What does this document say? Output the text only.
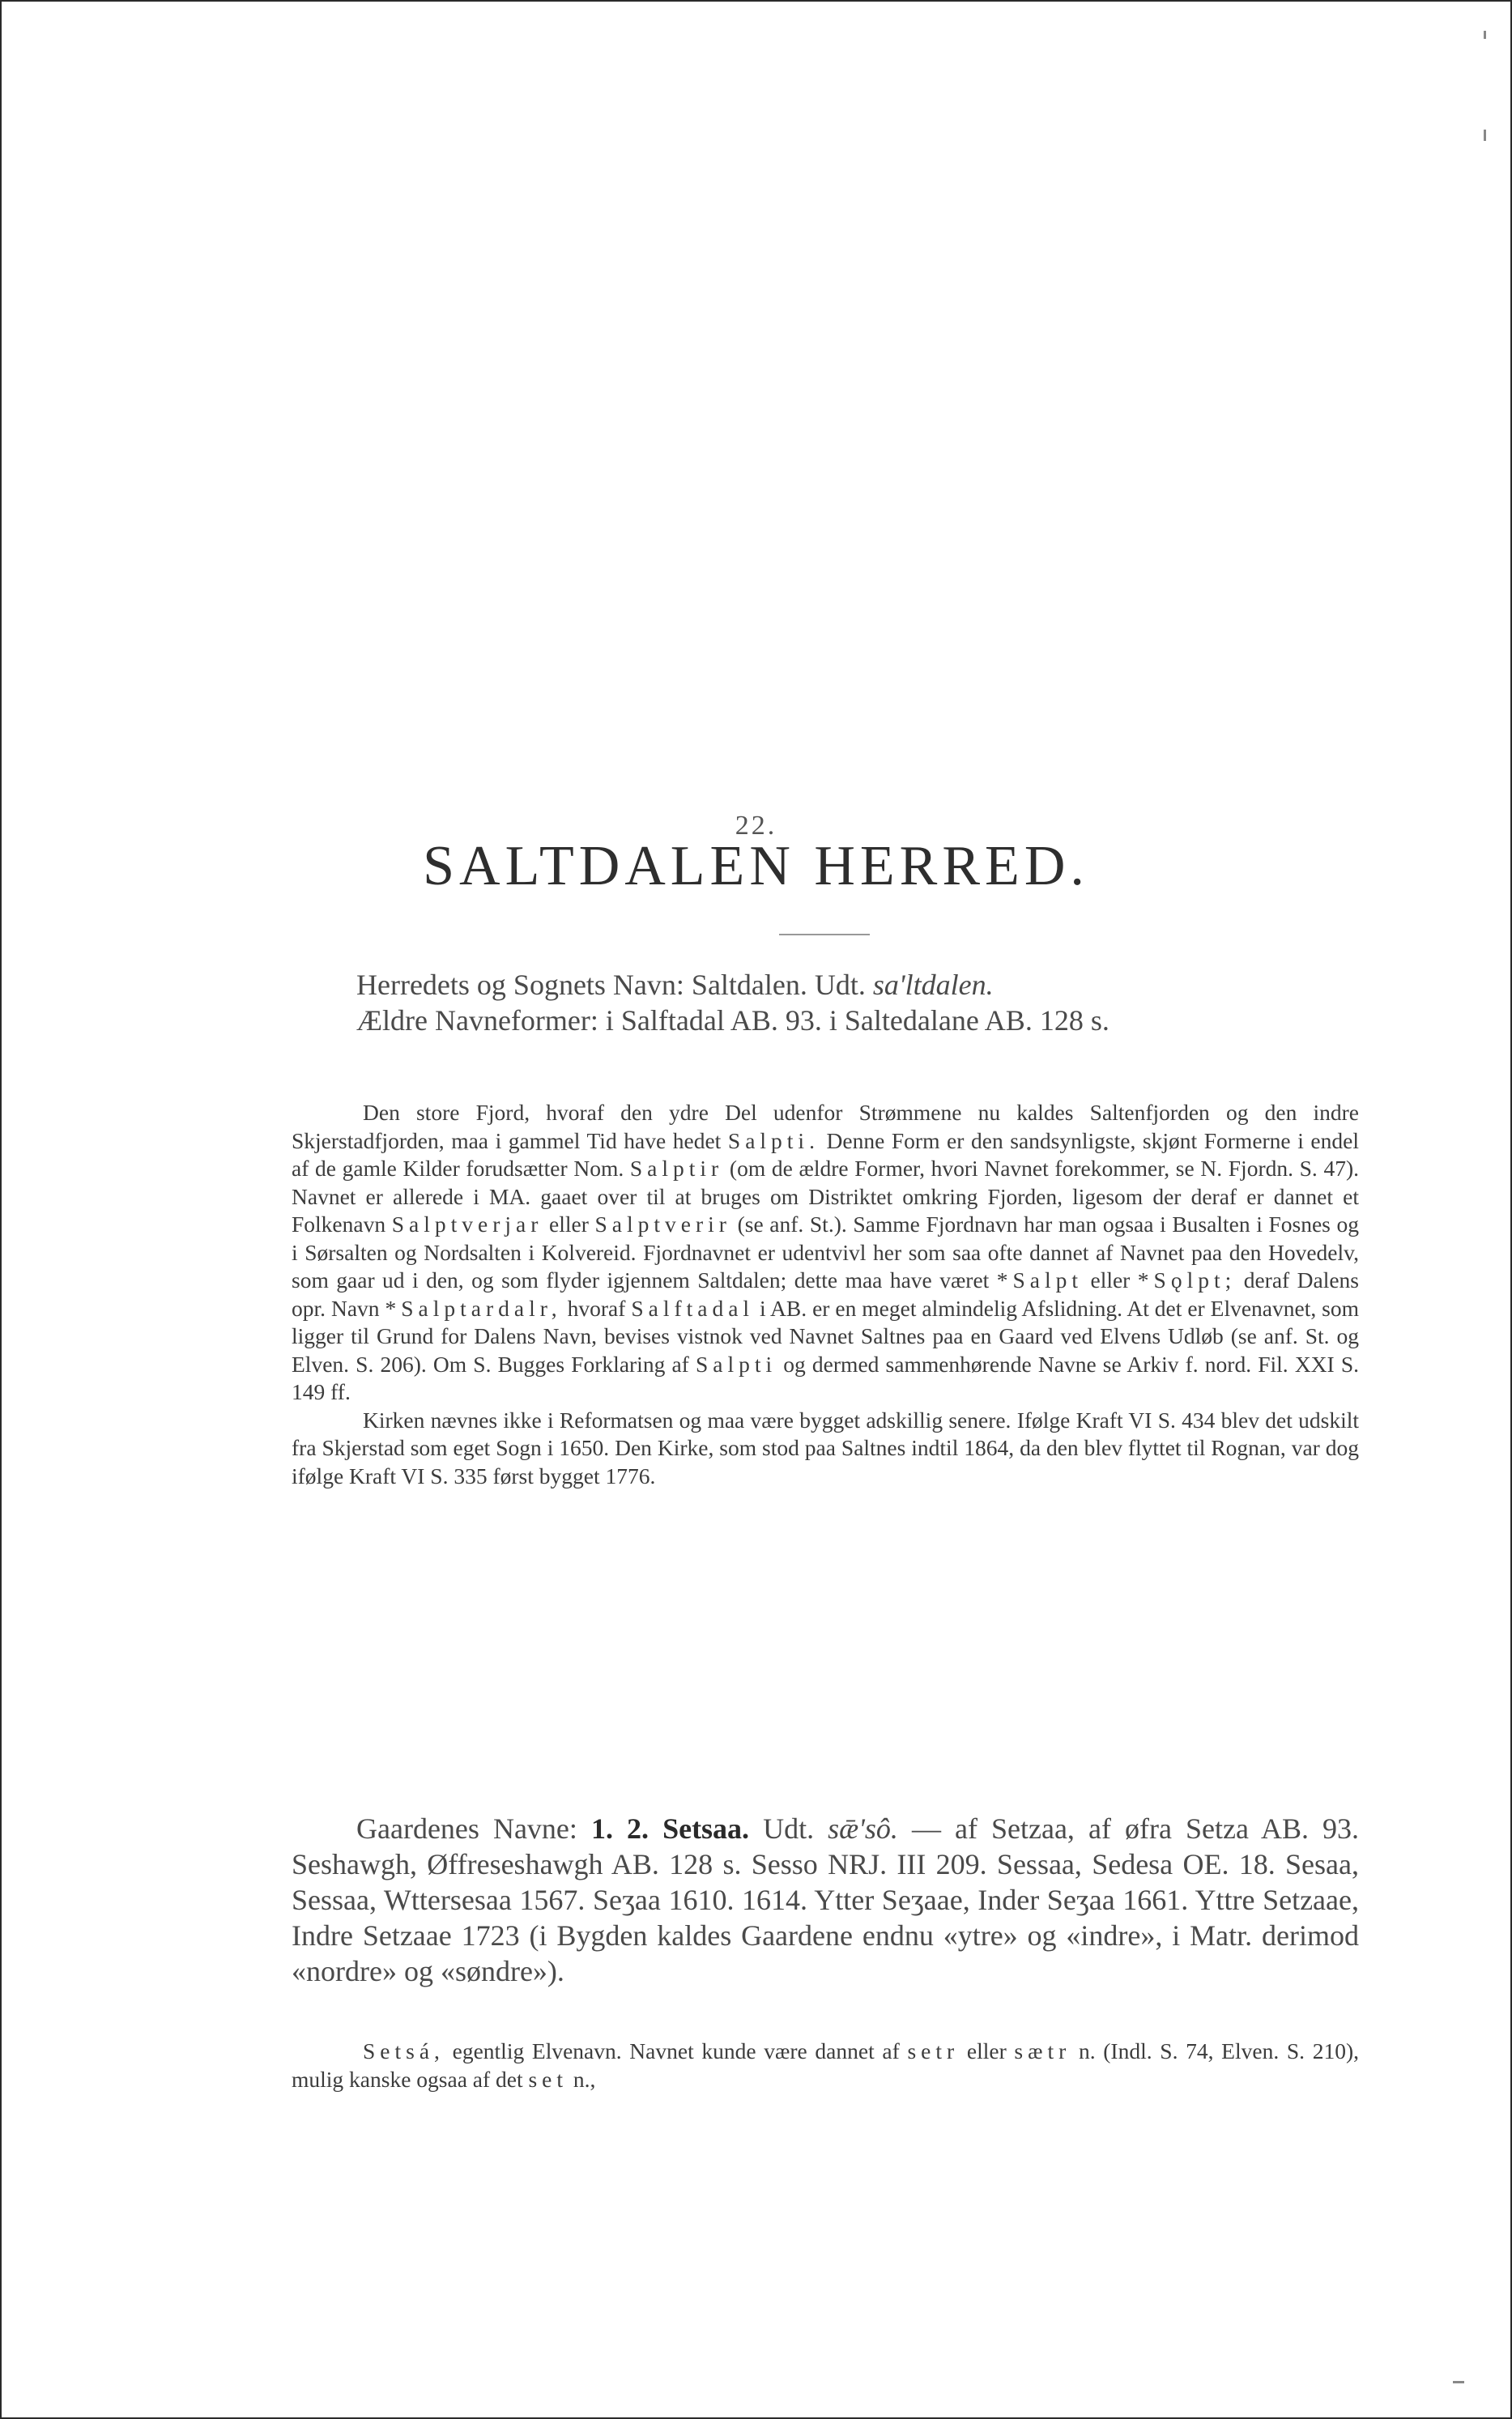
22.
SALTDALEN HERRED.

Herredets og Sognets Navn: Saltdalen. Udt. sa'ltdalen.

Ældre Navneformer: i Salftadal AB. 93. i Saltedalane AB. 128 s.

Den store Fjord, hvoraf den ydre Del udenfor Strømmene nu kaldes Saltenfjorden og den indre Skjerstadfjorden, maa i gammel Tid have hedet Salpti. Denne Form er den sandsynligste, skjønt Formerne i endel af de gamle Kilder forudsætter Nom. Salptir (om de ældre Former, hvori Navnet forekommer, se N. Fjordn. S. 47). Navnet er allerede i MA. gaaet over til at bruges om Distriktet omkring Fjorden, ligesom der deraf er dannet et Folkenavn Salptverjar eller Salptverir (se anf. St.). Samme Fjordnavn har man ogsaa i Busalten i Fosnes og i Sørsalten og Nordsalten i Kolvereid. Fjordnavnet er udentvivl her som saa ofte dannet af Navnet paa den Hovedelv, som gaar ud i den, og som flyder igjennem Saltdalen; dette maa have været *Salpt eller *Sǫlpt; deraf Dalens opr. Navn *Salptardalr, hvoraf Salftadal i AB. er en meget almindelig Afslidning. At det er Elvenavnet, som ligger til Grund for Dalens Navn, bevises vistnok ved Navnet Saltnes paa en Gaard ved Elvens Udløb (se anf. St. og Elven. S. 206). Om S. Bugges Forklaring af Salpti og dermed sammenhørende Navne se Arkiv f. nord. Fil. XXI S. 149 ff.

Kirken nævnes ikke i Reformatsen og maa være bygget adskillig senere. Ifølge Kraft VI S. 434 blev det udskilt fra Skjerstad som eget Sogn i 1650. Den Kirke, som stod paa Saltnes indtil 1864, da den blev flyttet til Rognan, var dog ifølge Kraft VI S. 335 først bygget 1776.

Gaardenes Navne: 1. 2. Setsaa. Udt. sǣ'sô. — af Setzaa, af øfra Setza AB. 93. Seshawgh, Øffreseshawgh AB. 128 s. Sesso NRJ. III 209. Sessaa, Sedesa OE. 18. Sesaa, Sessaa, Wttersesaa 1567. Seʒaa 1610. 1614. Ytter Seʒaae, Inder Seʒaa 1661. Yttre Setzaae, Indre Setzaae 1723 (i Bygden kaldes Gaardene endnu «ytre» og «indre», i Matr. derimod «nordre» og «søndre»).

Setsá, egentlig Elvenavn. Navnet kunde være dannet af setr eller sætr n. (Indl. S. 74, Elven. S. 210), mulig kanske ogsaa af det set n.,
